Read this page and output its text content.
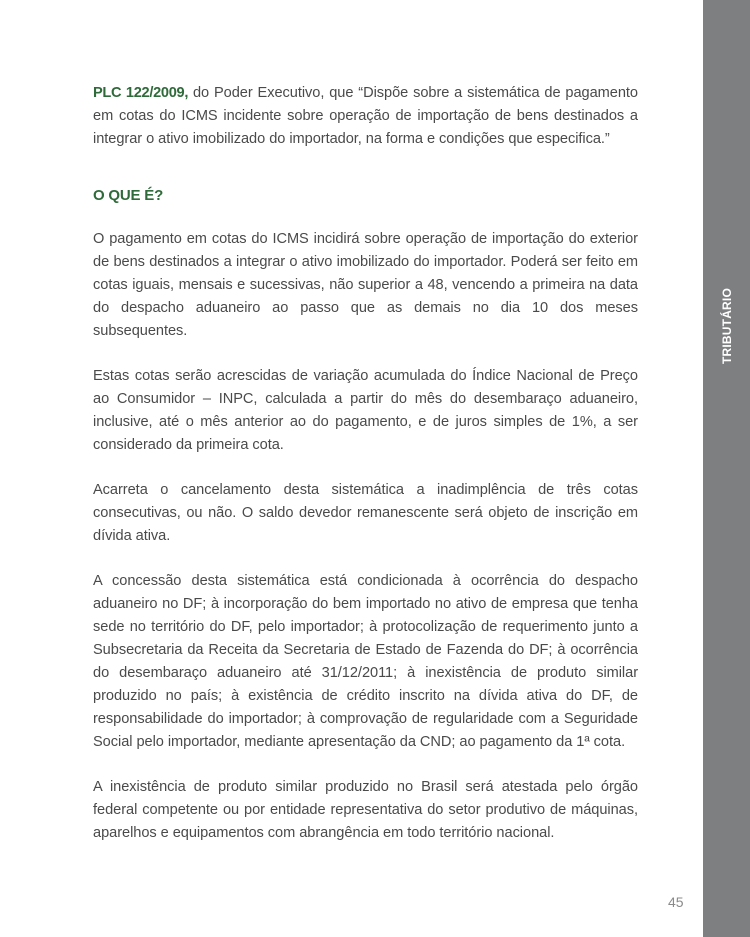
PLC 122/2009, do Poder Executivo, que “Dispõe sobre a sistemática de pagamento em cotas do ICMS incidente sobre operação de importação de bens destinados a integrar o ativo imobilizado do importador, na forma e condições que especifica.”

O QUE É?

O pagamento em cotas do ICMS incidirá sobre operação de importação do exterior de bens destinados a integrar o ativo imobilizado do importador. Poderá ser feito em cotas iguais, mensais e sucessivas, não superior a 48, vencendo a primeira na data do despacho aduaneiro ao passo que as demais no dia 10 dos meses subsequentes.

Estas cotas serão acrescidas de variação acumulada do Índice Nacional de Preço ao Consumidor – INPC, calculada a partir do mês do desembaraço aduaneiro, inclusive, até o mês anterior ao do pagamento, e de juros simples de 1%, a ser considerado da primeira cota.

Acarreta o cancelamento desta sistemática a inadimplência de três cotas consecutivas, ou não. O saldo devedor remanescente será objeto de inscrição em dívida ativa.

A concessão desta sistemática está condicionada à ocorrência do despacho aduaneiro no DF; à incorporação do bem importado no ativo de empresa que tenha sede no território do DF, pelo importador; à protocolização de requerimento junto a Subsecretaria da Receita da Secretaria de Estado de Fazenda do DF; à ocorrência do desembaraço aduaneiro até 31/12/2011; à inexistência de produto similar produzido no país; à existência de crédito inscrito na dívida ativa do DF, de responsabilidade do importador; à comprovação de regularidade com a Seguridade Social pelo importador, mediante apresentação da CND; ao pagamento da 1ª cota.

A inexistência de produto similar produzido no Brasil será atestada pelo órgão federal competente ou por entidade representativa do setor produtivo de máquinas, aparelhos e equipamentos com abrangência em todo território nacional.

TRIBUTÁRIO
45
